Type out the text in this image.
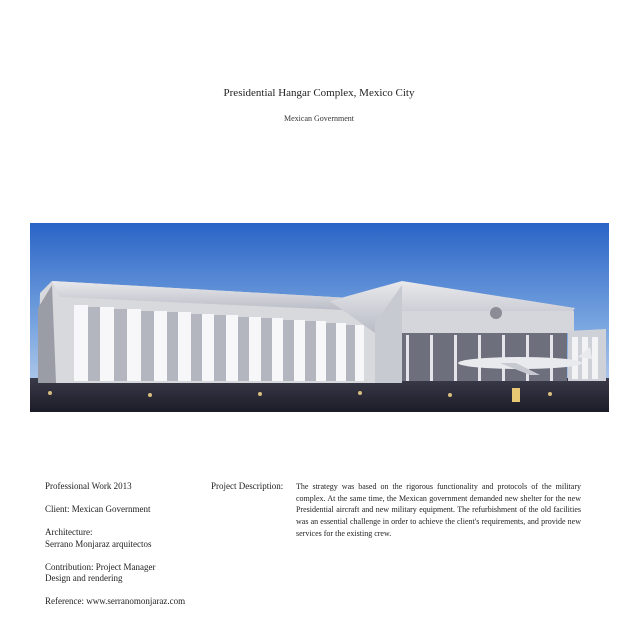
Presidential Hangar Complex, Mexico City
Mexican Government

Professional Work 2013

Client: Mexican Government

Architecture:

Serrano Monjaraz arquitectos

Contribution: Project Manager

Design and rendering

Reference: www.serranomonjaraz.com

Project Description: The strategy was based on the rigorous functionality and protocols of the military complex. At the same time, the Mexican government demanded new shelter for the new Presidential aircraft and new military equipment. The refurbishment of the old facilities was an essential challenge in order to achieve the client's requirements, and provide new services for the existing crew.
